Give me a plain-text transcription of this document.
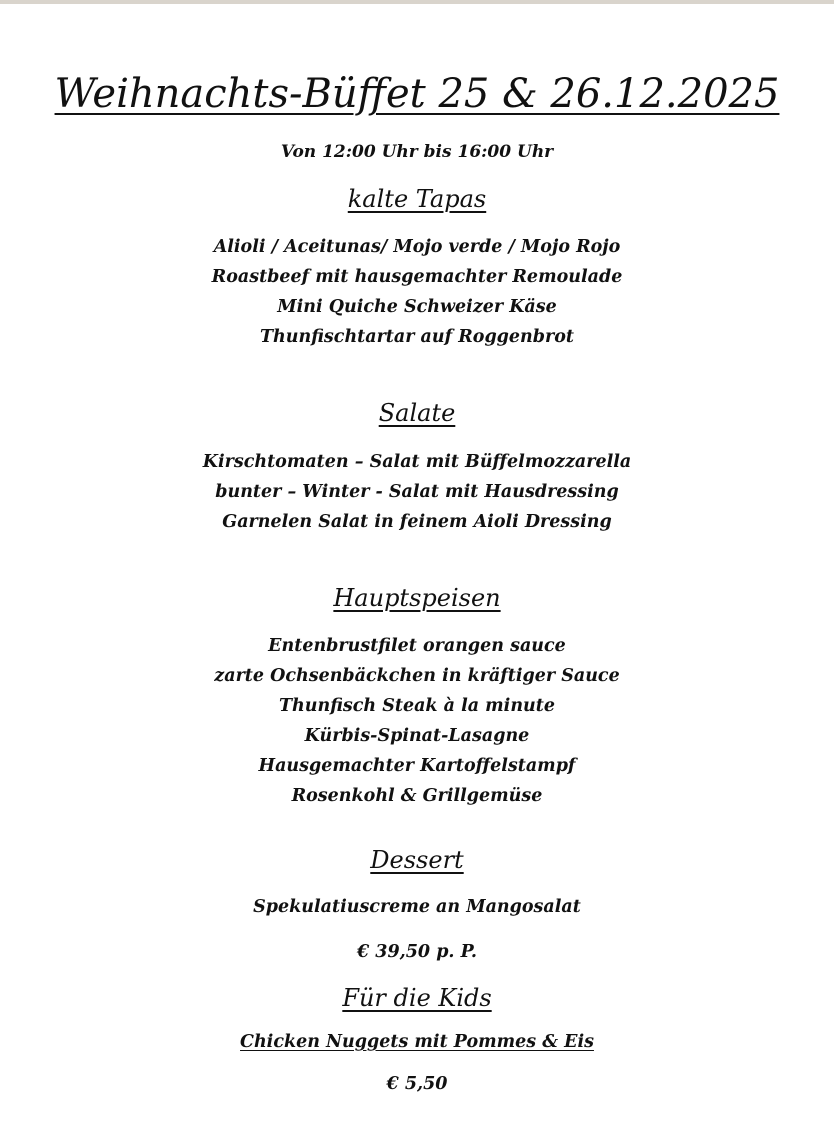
Weihnachts-Büffet 25 & 26.12.2025
Von 12:00 Uhr bis 16:00 Uhr
kalte Tapas
Alioli / Aceitunas/ Mojo verde / Mojo Rojo
Roastbeef mit hausgemachter Remoulade
Mini Quiche Schweizer Käse
Thunfischtartar auf Roggenbrot
Salate
Kirschtomaten – Salat mit Büffelmozzarella
bunter – Winter - Salat mit Hausdressing
Garnelen Salat in feinem Aioli Dressing
Hauptspeisen
Entenbrustfilet orangen sauce
zarte Ochsenbäckchen in kräftiger Sauce
Thunfisch Steak à la minute
Kürbis-Spinat-Lasagne
Hausgemachter Kartoffelstampf
Rosenkohl & Grillgemüse
Dessert
Spekulatiuscreme an Mangosalat
€ 39,50 p. P.
Für die Kids
Chicken Nuggets mit Pommes & Eis
€ 5,50
